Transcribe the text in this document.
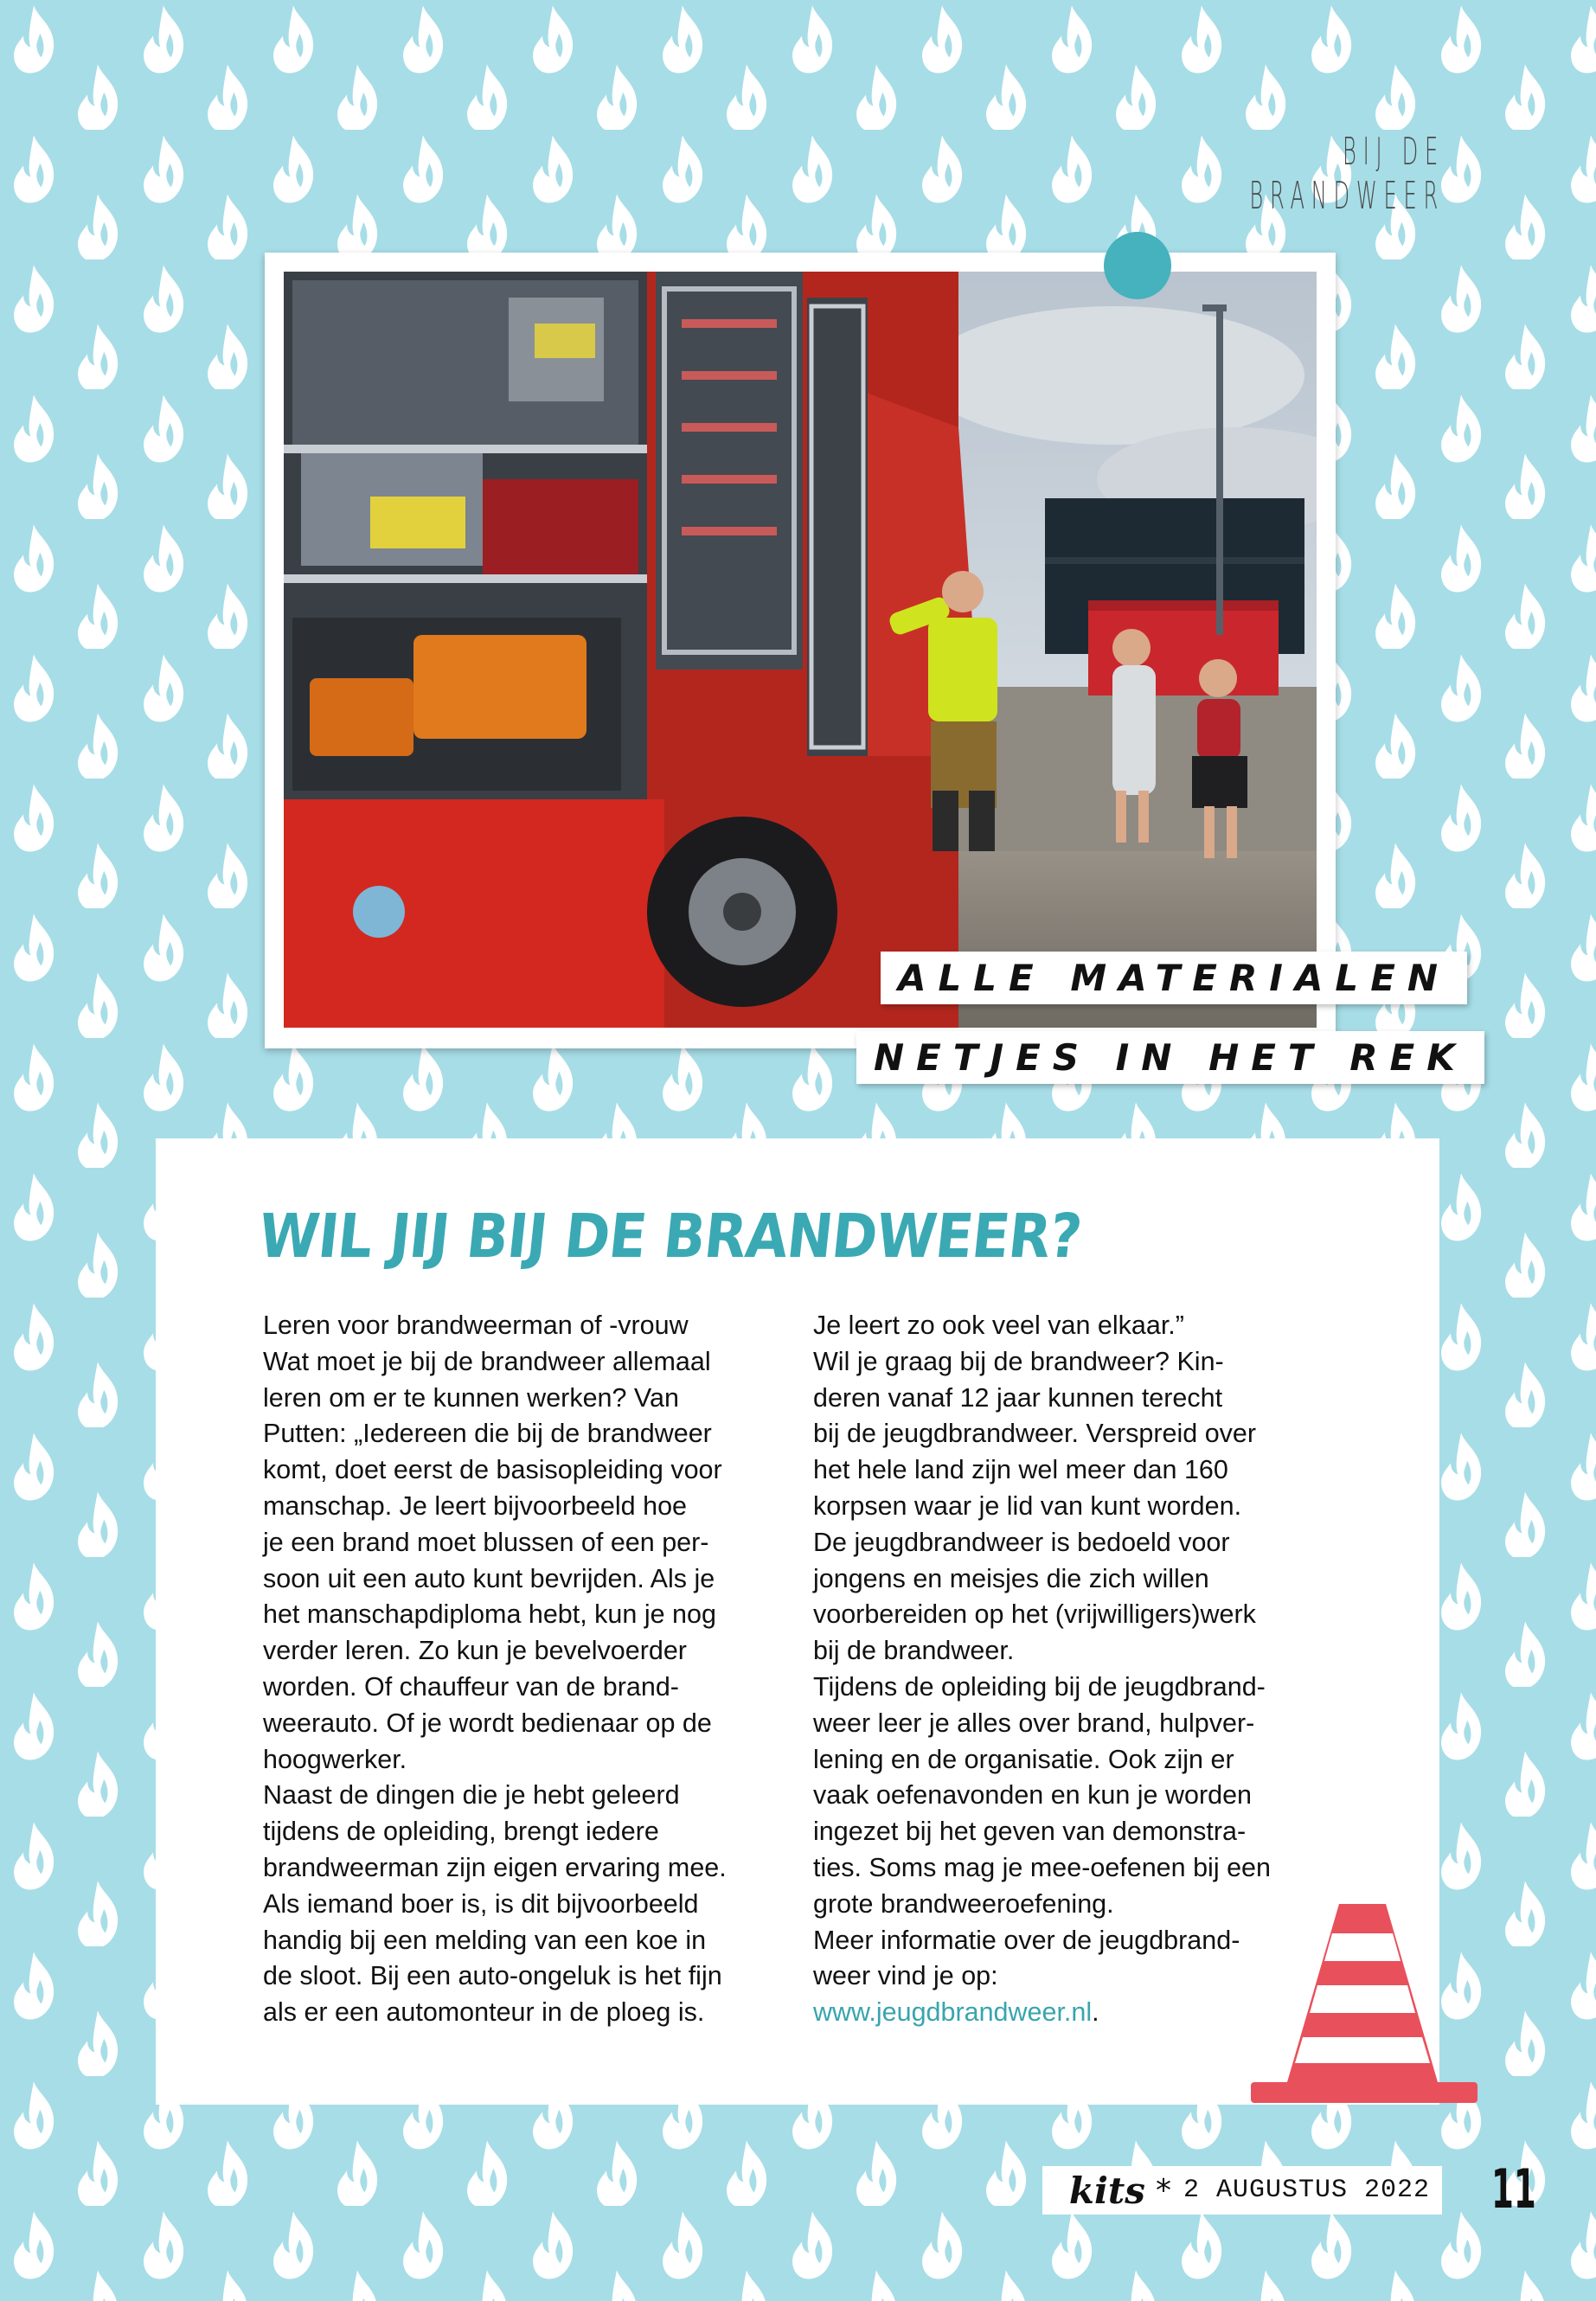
BIJ DE BRANDWEER
ALLE MATERIALEN
NETJES IN HET REK
WIL JIJ BIJ DE BRANDWEER?

Leren voor brandweerman of -vrouw

Wat moet je bij de brandweer allemaal

leren om er te kunnen werken? Van

Putten: „Iedereen die bij de brandweer

komt, doet eerst de basisopleiding voor

manschap. Je leert bijvoorbeeld hoe

je een brand moet blussen of een per-

soon uit een auto kunt bevrijden. Als je

het manschapdiploma hebt, kun je nog

verder leren. Zo kun je bevelvoerder

worden. Of chauffeur van de brand-

weerauto. Of je wordt bedienaar op de

hoogwerker.

Naast de dingen die je hebt geleerd

tijdens de opleiding, brengt iedere

brandweerman zijn eigen ervaring mee.

Als iemand boer is, is dit bijvoorbeeld

handig bij een melding van een koe in

de sloot. Bij een auto-ongeluk is het fijn

als er een automonteur in de ploeg is.

Je leert zo ook veel van elkaar.”

Wil je graag bij de brandweer? Kin-

deren vanaf 12 jaar kunnen terecht

bij de jeugdbrandweer. Verspreid over

het hele land zijn wel meer dan 160

korpsen waar je lid van kunt worden.

De jeugdbrandweer is bedoeld voor

jongens en meisjes die zich willen

voorbereiden op het (vrijwilligers)werk

bij de brandweer.

Tijdens de opleiding bij de jeugdbrand-

weer leer je alles over brand, hulpver-

lening en de organisatie. Ook zijn er

vaak oefenavonden en kun je worden

ingezet bij het geven van demonstra-

ties. Soms mag je mee-oefenen bij een

grote brandweeroefening.

Meer informatie over de jeugdbrand-

weer vind je op:

www.jeugdbrandweer.nl.

kits * 2 AUGUSTUS 2022 11
